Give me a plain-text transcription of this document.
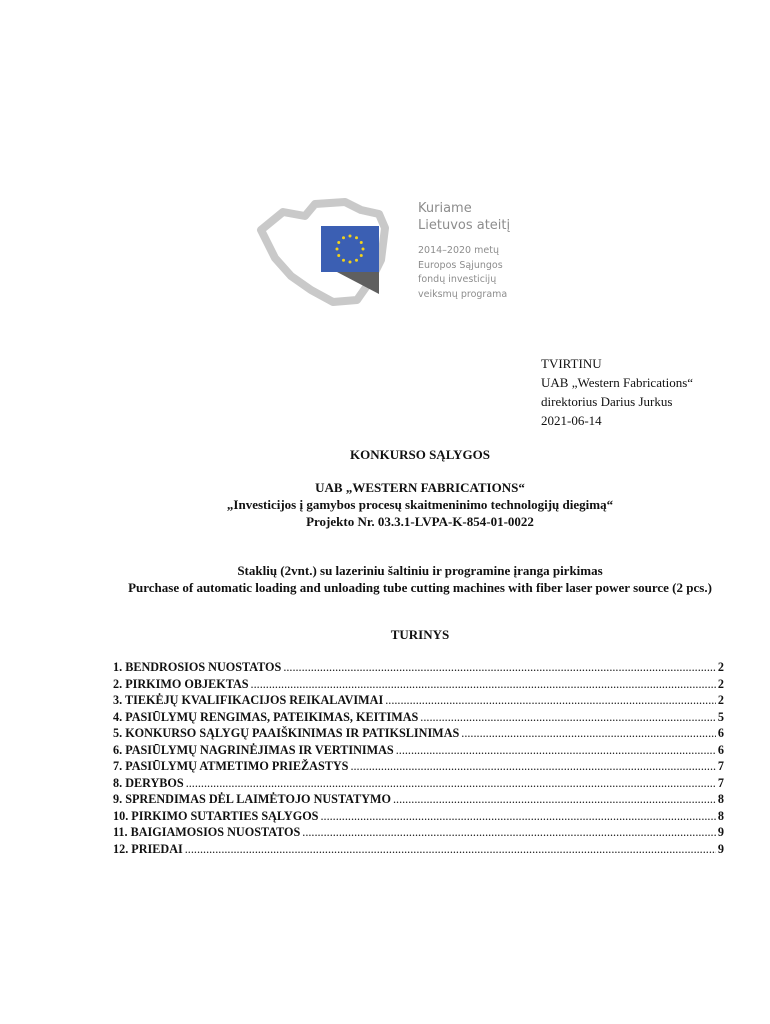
Kuriame
Lietuvos ateitį
2014–2020 metų
Europos Sąjungos
fondų investicijų
veiksmų programa
TVIRTINU
UAB „Western Fabrications“
direktorius Darius Jurkus
2021-06-14
KONKURSO SĄLYGOS
UAB „WESTERN FABRICATIONS“
„Investicijos į gamybos procesų skaitmeninimo technologijų diegimą“
Projekto Nr. 03.3.1-LVPA-K-854-01-0022
Staklių (2vnt.) su lazeriniu šaltiniu ir programine įranga pirkimas
Purchase of automatic loading and unloading tube cutting machines with fiber laser power source (2 pcs.)
TURINYS
1. BENDROSIOS NUOSTATOS .....	2
2. PIRKIMO OBJEKTAS .....	2
3. TIEKĖJŲ KVALIFIKACIJOS REIKALAVIMAI .....	2
4. PASIŪLYMŲ RENGIMAS, PATEIKIMAS, KEITIMAS .....	5
5. KONKURSO SĄLYGŲ PAAIŠKINIMAS IR PATIKSLINIMAS .....	6
6. PASIŪLYMŲ NAGRINĖJIMAS IR VERTINIMAS .....	6
7. PASIŪLYMŲ ATMETIMO PRIEŽASTYS .....	7
8. DERYBOS .....	7
9. SPRENDIMAS DĖL LAIMĖTOJO NUSTATYMO .....	8
10. PIRKIMO SUTARTIES SĄLYGOS .....	8
11. BAIGIAMOSIOS NUOSTATOS .....	9
12. PRIEDAI .....	9
